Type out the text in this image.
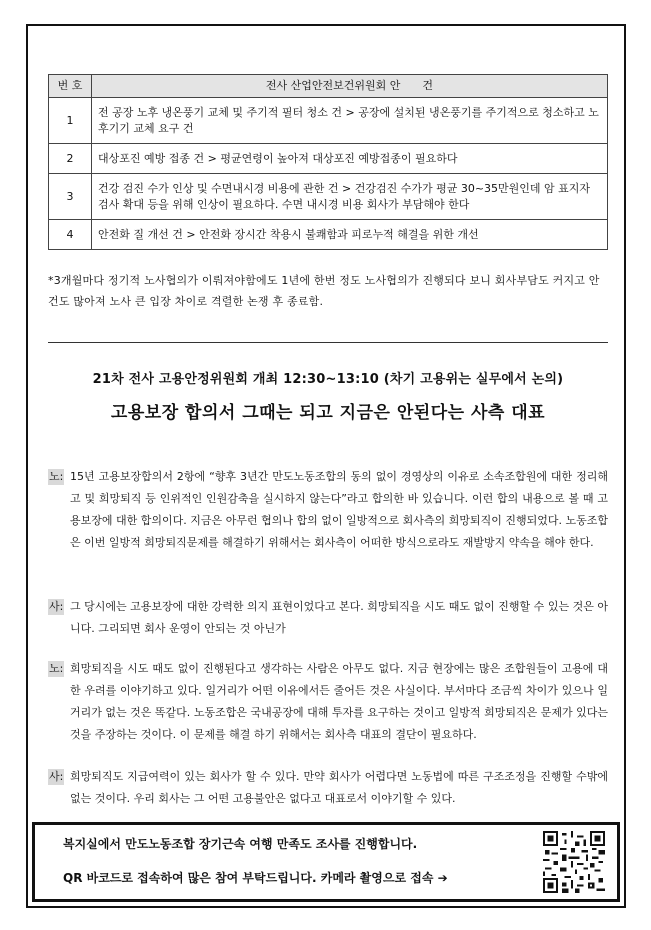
번 호	전사 산업안전보건위원회 안　　건
1	전 공장 노후 냉온풍기 교체 및 주기적 필터 청소 건 > 공장에 설치된 냉온풍기를 주기적으로 청소하고 노후기기 교체 요구 건
2	대상포진 예방 접종 건 > 평균연령이 높아져 대상포진 예방접종이 필요하다
3	건강 검진 수가 인상 및 수면내시경 비용에 관한 건 > 건강검진 수가가 평균 30~35만원인데 암 표지자 검사 확대 등을 위해 인상이 필요하다. 수면 내시경 비용 회사가 부담해야 한다
4	안전화 질 개선 건 > 안전화 장시간 착용시 불쾌함과 피로누적 해결을 위한 개선
*3개월마다 정기적 노사협의가 이뤄져야함에도 1년에 한번 정도 노사협의가 진행되다 보니 회사부담도 커지고 안건도 많아져 노사 큰 입장 차이로 격렬한 논쟁 후 종료함.
21차 전사 고용안정위원회 개최 12:30~13:10 (차기 고용위는 실무에서 논의)
고용보장 합의서 그때는 되고 지금은 안된다는 사측 대표
노: 15년 고용보장합의서 2항에 “향후 3년간 만도노동조합의 동의 없이 경영상의 이유로 소속조합원에 대한 정리해고 및 희망퇴직 등 인위적인 인원감축을 실시하지 않는다”라고 합의한 바 있습니다. 이런 합의 내용으로 볼 때 고용보장에 대한 합의이다. 지금은 아무런 협의나 합의 없이 일방적으로 회사측의 희망퇴직이 진행되었다. 노동조합은 이번 일방적 희망퇴직문제를 해결하기 위해서는 회사측이 어떠한 방식으로라도 재발방지 약속을 해야 한다.
사: 그 당시에는 고용보장에 대한 강력한 의지 표현이었다고 본다. 희망퇴직을 시도 때도 없이 진행할 수 있는 것은 아니다. 그리되면 회사 운영이 안되는 것 아닌가
노: 희망퇴직을 시도 때도 없이 진행된다고 생각하는 사람은 아무도 없다. 지금 현장에는 많은 조합원들이 고용에 대한 우려를 이야기하고 있다. 일거리가 어떤 이유에서든 줄어든 것은 사실이다. 부서마다 조금씩 차이가 있으나 일거리가 없는 것은 똑같다. 노동조합은 국내공장에 대해 투자를 요구하는 것이고 일방적 희망퇴직은 문제가 있다는 것을 주장하는 것이다. 이 문제를 해결 하기 위해서는 회사측 대표의 결단이 필요하다.
사: 희망퇴직도 지급여력이 있는 회사가 할 수 있다. 만약 회사가 어렵다면 노동법에 따른 구조조정을 진행할 수밖에 없는 것이다. 우리 회사는 그 어떤 고용불안은 없다고 대표로서 이야기할 수 있다.
복지실에서 만도노동조합 장기근속 여행 만족도 조사를 진행합니다.
QR 바코드로 접속하여 많은 참여 부탁드립니다. 카메라 촬영으로 접속 ➔
